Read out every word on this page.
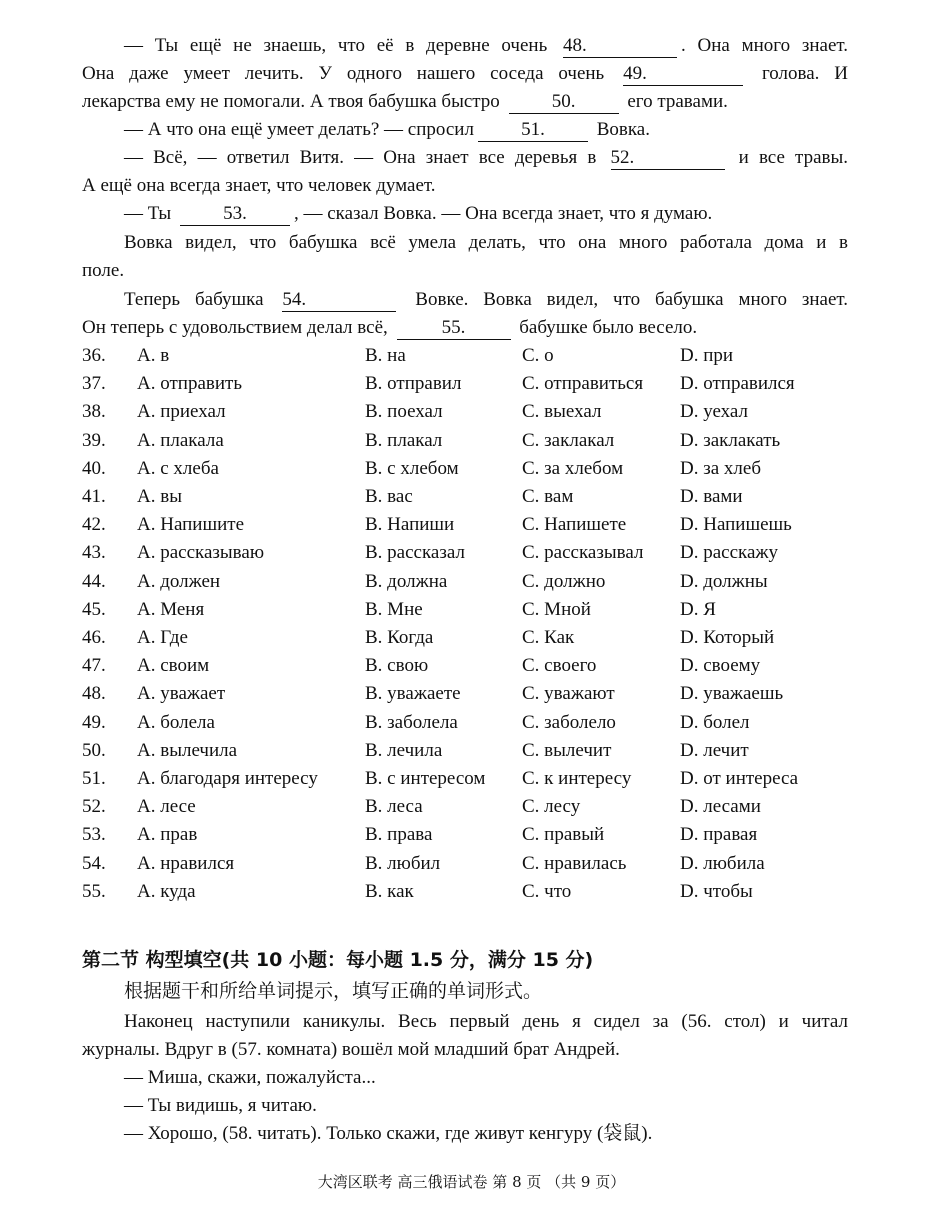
— Ты ещё не знаешь, что её в деревне очень 48.	. Она много знает.
Она даже умеет лечить. У одного нашего соседа очень 49.	голова. И
лекарства ему не помогали. А твоя бабушка быстро	50.	его травами.
— А что она ещё умеет делать? — спросил 51.	Вовка.
— Всё, — ответил Витя. — Она знает все деревья в 52.	и все травы.
А ещё она всегда знает, что человек думает.
— Ты	53. , — сказал Вовка. — Она всегда знает, что я думаю.
Вовка видел, что бабушка всё умела делать, что она много работала дома и в
поле.
Теперь бабушка 54.	Вовке. Вовка видел, что бабушка много знает.
Он теперь с удовольствием делал всё,	55.	бабушке было весело.
36.	A. в	B. на	C. о	D. при
37.	A. отправить	B. отправил	C. отправиться	D. отправился
38.	A. приехал	B. поехал	C. выехал	D. уехал
39.	A. плакала	B. плакал	C. заклакал	D. заклакать
40.	A. с хлеба	B. с хлебом	C. за хлебом	D. за хлеб
41.	A. вы	B. вас	C. вам	D. вами
42.	A. Напишите	B. Напиши	C. Напишете	D. Напишешь
43.	A. рассказываю	B. рассказал	C. рассказывал	D. расскажу
44.	A. должен	B. должна	C. должно	D. должны
45.	A. Меня	B. Мне	C. Мной	D. Я
46.	A. Где	B. Когда	C. Как	D. Который
47.	A. своим	B. свою	C. своего	D. своему
48.	A. уважает	B. уважаете	C. уважают	D. уважаешь
49.	A. болела	B. заболела	C. заболело	D. болел
50.	A. вылечила	B. лечила	C. вылечит	D. лечит
51.	A. благодаря интересу	B. с интересом	C. к интересу	D. от интереса
52.	A. лесе	B. леса	C. лесу	D. лесами
53.	A. прав	B. права	C. правый	D. правая
54.	A. нравился	B. любил	C. нравилась	D. любила
55.	A. куда	B. как	C. что	D. чтобы
第二节 构型填空(共 10 小题：每小题 1.5 分，满分 15 分)
根据题干和所给单词提示，填写正确的单词形式。
Наконец наступили каникулы. Весь первый день я сидел за (56. стол) и читал
журналы. Вдруг в (57. комната) вошёл мой младший брат Андрей.
— Миша, скажи, пожалуйста...
— Ты видишь, я читаю.
— Хорошо, (58. читать). Только скажи, где живут кенгуру (袋鼠).
大湾区联考 高三俄语试卷 第 8 页 （共 9 页）
